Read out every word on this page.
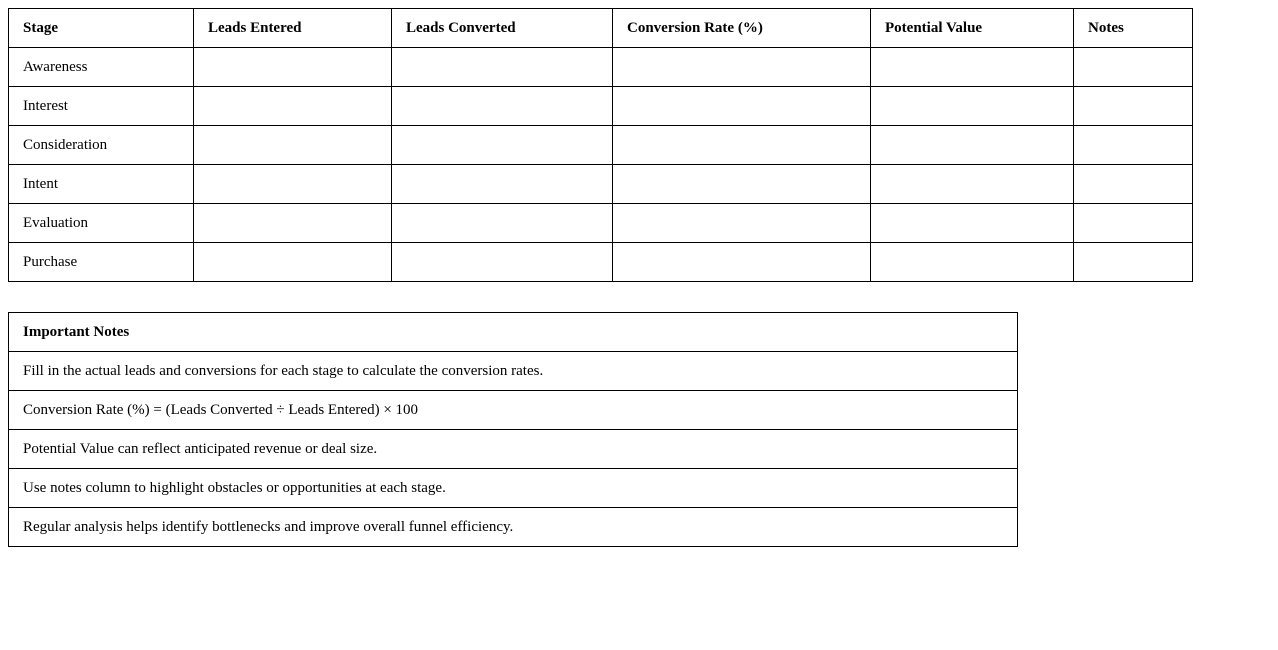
Stage	Leads Entered	Leads Converted	Conversion Rate (%)	Potential Value	Notes
Awareness					
Interest					
Consideration					
Intent					
Evaluation					
Purchase					
Important Notes
Fill in the actual leads and conversions for each stage to calculate the conversion rates.
Conversion Rate (%) = (Leads Converted ÷ Leads Entered) × 100
Potential Value can reflect anticipated revenue or deal size.
Use notes column to highlight obstacles or opportunities at each stage.
Regular analysis helps identify bottlenecks and improve overall funnel efficiency.
